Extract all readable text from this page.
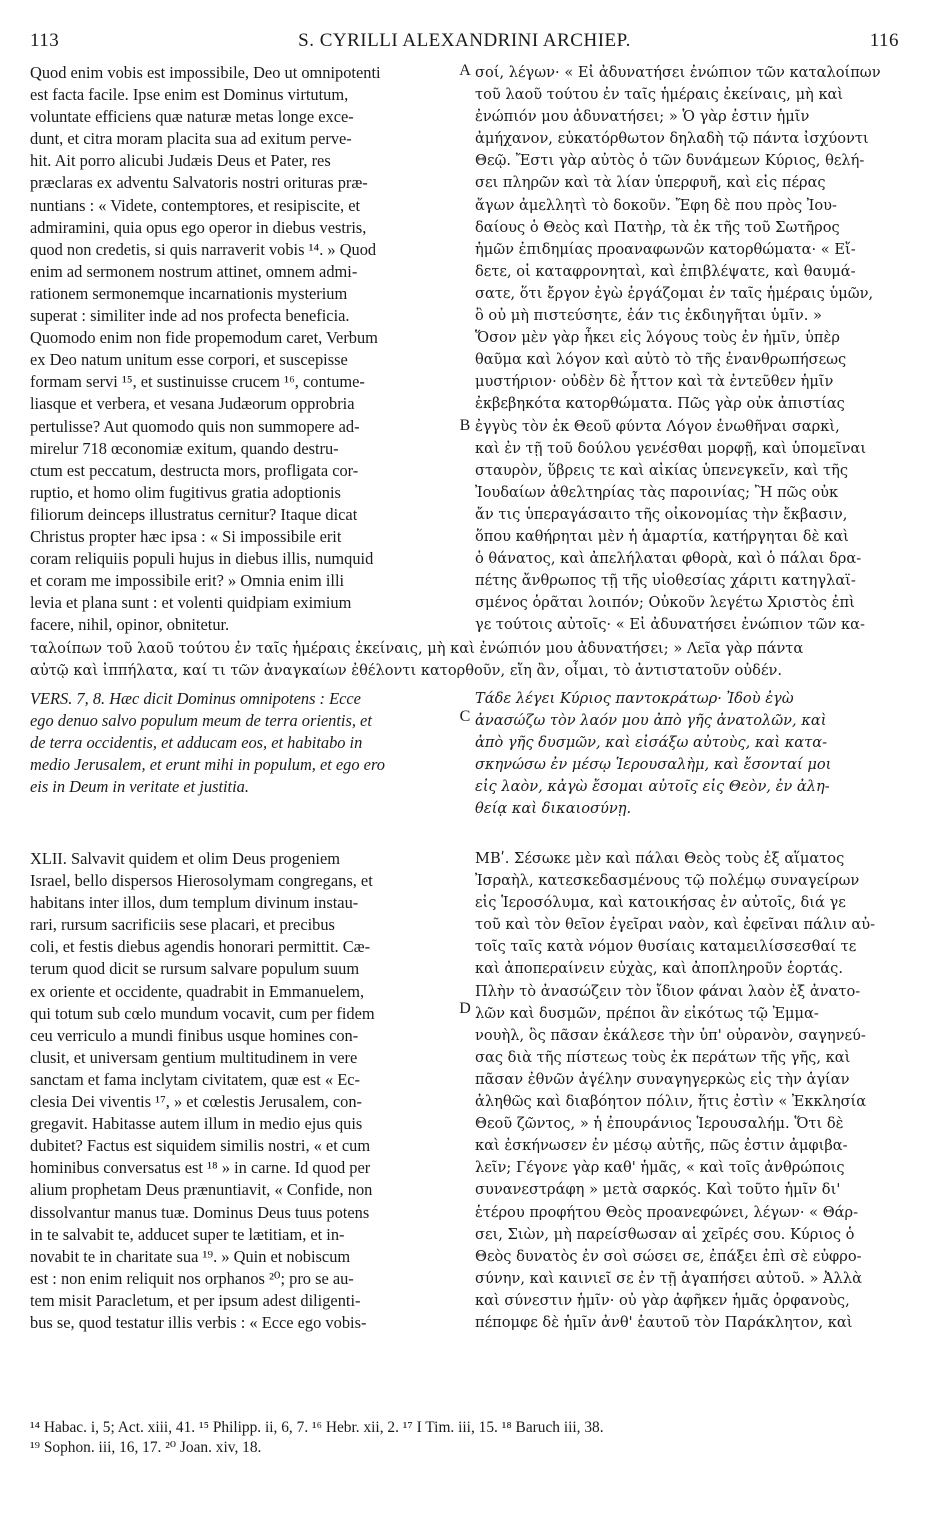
113	S. CYRILLI ALEXANDRINI ARCHIEP.	116
A
B
C
D
Quod enim vobis est impossibile, Deo ut omnipotenti
est facta facile. Ipse enim est Dominus virtutum,
voluntate efficiens quæ naturæ metas longe exce-
dunt, et citra moram placita sua ad exitum perve-
hit. Ait porro alicubi Judæis Deus et Pater, res
præclaras ex adventu Salvatoris nostri orituras præ-
nuntians : « Videte, contemptores, et resipiscite, et
admiramini, quia opus ego operor in diebus vestris,
quod non credetis, si quis narraverit vobis ¹⁴. » Quod
enim ad sermonem nostrum attinet, omnem admi-
rationem sermonemque incarnationis mysterium
superat : similiter inde ad nos profecta beneficia.
Quomodo enim non fide propemodum caret, Verbum
ex Deo natum unitum esse corpori, et suscepisse
formam servi ¹⁵, et sustinuisse crucem ¹⁶, contume-
liasque et verbera, et vesana Judæorum opprobria
pertulisse? Aut quomodo quis non summopere ad-
mirelur 718 œconomiæ exitum, quando destru-
ctum est peccatum, destructa mors, profligata cor-
ruptio, et homo olim fugitivus gratia adoptionis
filiorum deinceps illustratus cernitur? Itaque dicat
Christus propter hæc ipsa : « Si impossibile erit
coram reliquiis populi hujus in diebus illis, numquid
et coram me impossibile erit? » Omnia enim illi
levia et plana sunt : et volenti quidpiam eximium
facere, nihil, opinor, obnitetur.
σοί, λέγων· « Εἰ ἀδυνατήσει ἐνώπιον τῶν καταλοίπων
τοῦ λαοῦ τούτου ἐν ταῖς ἡμέραις ἐκείναις, μὴ καὶ
ἐνώπιόν μου ἀδυνατήσει; » Ὁ γὰρ ἐστιν ἡμῖν
ἀμήχανον, εὐκατόρθωτον δηλαδὴ τῷ πάντα ἰσχύοντι
Θεῷ. Ἔστι γὰρ αὐτὸς ὁ τῶν δυνάμεων Κύριος, θελή-
σει πληρῶν καὶ τὰ λίαν ὑπερφυῆ, καὶ εἰς πέρας
ἄγων ἀμελλητὶ τὸ δοκοῦν. Ἔφη δὲ που πρὸς Ἰου-
δαίους ὁ Θεὸς καὶ Πατὴρ, τὰ ἐκ τῆς τοῦ Σωτῆρος
ἡμῶν ἐπιδημίας προαναφωνῶν κατορθώματα· « Εἴ-
δετε, οἱ καταφρονηταὶ, καὶ ἐπιβλέψατε, καὶ θαυμά-
σατε, ὅτι ἔργον ἐγὼ ἐργάζομαι ἐν ταῖς ἡμέραις ὑμῶν,
ὃ οὐ μὴ πιστεύσητε, ἐάν τις ἐκδιηγῆται ὑμῖν. »
Ὅσον μὲν γὰρ ἧκει εἰς λόγους τοὺς ἐν ἡμῖν, ὑπὲρ
θαῦμα καὶ λόγον καὶ αὐτὸ τὸ τῆς ἐνανθρωπήσεως
μυστήριον· οὐδὲν δὲ ἧττον καὶ τὰ ἐντεῦθεν ἡμῖν
ἐκβεβηκότα κατορθώματα. Πῶς γὰρ οὐκ ἀπιστίας
ἐγγὺς τὸν ἐκ Θεοῦ φύντα Λόγον ἑνωθῆναι σαρκὶ,
καὶ ἐν τῇ τοῦ δούλου γενέσθαι μορφῇ, καὶ ὑπομεῖναι
σταυρὸν, ὕβρεις τε καὶ αἰκίας ὑπενεγκεῖν, καὶ τῆς
Ἰουδαίων ἀθελτηρίας τὰς παροινίας; Ἢ πῶς οὐκ
ἄν τις ὑπεραγάσαιτο τῆς οἰκονομίας τὴν ἔκβασιν,
ὅπου καθήρηται μὲν ἡ ἁμαρτία, κατήργηται δὲ καὶ
ὁ θάνατος, καὶ ἀπελήλαται φθορὰ, καὶ ὁ πάλαι δρα-
πέτης ἄνθρωπος τῇ τῆς υἱοθεσίας χάριτι κατηγλαϊ-
σμένος ὁρᾶται λοιπόν; Οὐκοῦν λεγέτω Χριστὸς ἐπὶ
γε τούτοις αὐτοῖς· « Εἰ ἀδυνατήσει ἐνώπιον τῶν κα-
ταλοίπων τοῦ λαοῦ τούτου ἐν ταῖς ἡμέραις ἐκείναις, μὴ καὶ ἐνώπιόν μου ἀδυνατήσει; » Λεῖα γὰρ πάντα
αὐτῷ καὶ ἰππήλατα, καί τι τῶν ἀναγκαίων ἐθέλοντι κατορθοῦν, εἴη ἂν, οἶμαι, τὸ ἀντιστατοῦν οὐδέν.
VERS. 7, 8. Hæc dicit Dominus omnipotens : Ecce
ego denuo salvo populum meum de terra orientis, et
de terra occidentis, et adducam eos, et habitabo in
medio Jerusalem, et erunt mihi in populum, et ego ero
eis in Deum in veritate et justitia.
Τάδε λέγει Κύριος παντοκράτωρ· Ἰδοὺ ἐγὼ
ἀνασώζω τὸν λαόν μου ἀπὸ γῆς ἀνατολῶν, καὶ
ἀπὸ γῆς δυσμῶν, καὶ εἰσάξω αὐτοὺς, καὶ κατα-
σκηνώσω ἐν μέσῳ Ἱερουσαλὴμ, καὶ ἔσονταί μοι
εἰς λαὸν, κἀγὼ ἔσομαι αὐτοῖς εἰς Θεὸν, ἐν ἀλη-
θείᾳ καὶ δικαιοσύνῃ.
XLII. Salvavit quidem et olim Deus progeniem
Israel, bello dispersos Hierosolymam congregans, et
habitans inter illos, dum templum divinum instau-
rari, rursum sacrificiis sese placari, et precibus
coli, et festis diebus agendis honorari permittit. Cæ-
terum quod dicit se rursum salvare populum suum
ex oriente et occidente, quadrabit in Emmanuelem,
qui totum sub cœlo mundum vocavit, cum per fidem
ceu verriculo a mundi finibus usque homines con-
clusit, et universam gentium multitudinem in vere
sanctam et fama inclytam civitatem, quæ est « Ec-
clesia Dei viventis ¹⁷, » et cœlestis Jerusalem, con-
gregavit. Habitasse autem illum in medio ejus quis
dubitet? Factus est siquidem similis nostri, « et cum
hominibus conversatus est ¹⁸ » in carne. Id quod per
alium prophetam Deus prænuntiavit, « Confide, non
dissolvantur manus tuæ. Dominus Deus tuus potens
in te salvabit te, adducet super te lætitiam, et in-
novabit te in charitate sua ¹⁹. » Quin et nobiscum
est : non enim reliquit nos orphanos ²⁰; pro se au-
tem misit Paracletum, et per ipsum adest diligenti-
bus se, quod testatur illis verbis : « Ecce ego vobis-
ΜΒʹ. Σέσωκε μὲν καὶ πάλαι Θεὸς τοὺς ἐξ αἵματος
Ἰσραὴλ, κατεσκεδασμένους τῷ πολέμῳ συναγείρων
εἰς Ἱεροσόλυμα, καὶ κατοικήσας ἐν αὐτοῖς, διά γε
τοῦ καὶ τὸν θεῖον ἐγεῖραι ναὸν, καὶ ἐφεῖναι πάλιν αὐ-
τοῖς ταῖς κατὰ νόμον θυσίαις καταμειλίσσεσθαί τε
καὶ ἀποπεραίνειν εὐχὰς, καὶ ἀποπληροῦν ἑορτάς.
Πλὴν τὸ ἀνασώζειν τὸν ἴδιον φάναι λαὸν ἐξ ἀνατο-
λῶν καὶ δυσμῶν, πρέποι ἂν εἰκότως τῷ Ἐμμα-
νουὴλ, ὃς πᾶσαν ἐκάλεσε τὴν ὑπ' οὐρανὸν, σαγηνεύ-
σας διὰ τῆς πίστεως τοὺς ἐκ περάτων τῆς γῆς, καὶ
πᾶσαν ἐθνῶν ἀγέλην συναγηγερκὼς εἰς τὴν ἁγίαν
ἀληθῶς καὶ διαβόητον πόλιν, ἥτις ἐστὶν « Ἐκκλησία
Θεοῦ ζῶντος, » ἡ ἐπουράνιος Ἱερουσαλήμ. Ὅτι δὲ
καὶ ἐσκήνωσεν ἐν μέσῳ αὐτῆς, πῶς ἐστιν ἀμφιβα-
λεῖν; Γέγονε γὰρ καθ' ἡμᾶς, « καὶ τοῖς ἀνθρώποις
συνανεστράφη » μετὰ σαρκός. Καὶ τοῦτο ἡμῖν δι'
ἑτέρου προφήτου Θεὸς προανεφώνει, λέγων· « Θάρ-
σει, Σιὼν, μὴ παρείσθωσαν αἱ χεῖρές σου. Κύριος ὁ
Θεὸς δυνατὸς ἐν σοὶ σώσει σε, ἐπάξει ἐπὶ σὲ εὐφρο-
σύνην, καὶ καινιεῖ σε ἐν τῇ ἀγαπήσει αὐτοῦ. » Ἀλλὰ
καὶ σύνεστιν ἡμῖν· οὐ γὰρ ἀφῆκεν ἡμᾶς ὀρφανοὺς,
πέπομφε δὲ ἡμῖν ἀνθ' ἑαυτοῦ τὸν Παράκλητον, καὶ
¹⁴ Habac. i, 5; Act. xiii, 41. ¹⁵ Philipp. ii, 6, 7. ¹⁶ Hebr. xii, 2. ¹⁷ I Tim. iii, 15. ¹⁸ Baruch iii, 38.
¹⁹ Sophon. iii, 16, 17. ²⁰ Joan. xiv, 18.
